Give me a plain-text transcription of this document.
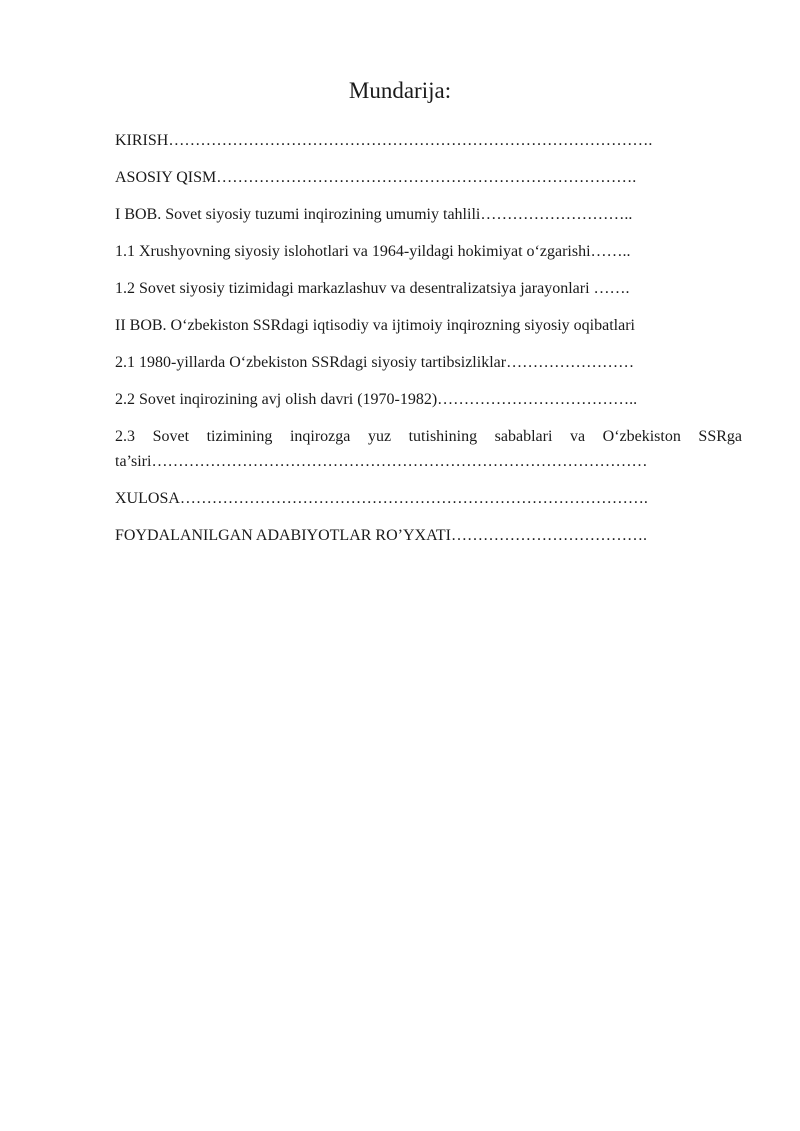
Mundarija:
KIRISH……………………………………………………………………………….
ASOSIY QISM…………………………………………………………………….
I BOB. Sovet siyosiy tuzumi inqirozining umumiy tahlili………………………..
1.1 Xrushyovning siyosiy islohotlari va 1964-yildagi hokimiyat o‘zgarishi……..
1.2 Sovet siyosiy tizimidagi markazlashuv va desentralizatsiya jarayonlari …….
II BOB. O‘zbekiston SSRdagi iqtisodiy va ijtimoiy inqirozning siyosiy oqibatlari
2.1 1980-yillarda O‘zbekiston SSRdagi siyosiy tartibsizliklar……………………
2.2 Sovet inqirozining avj olish davri (1970-1982)………………………………..
2.3 Sovet tizimining inqirozga yuz tutishining sabablari va O‘zbekiston SSRga ta’siri…………………………………………………………………………………
XULOSA…………………………………………………………………………….
FOYDALANILGAN ADABIYOTLAR RO’YXATI……………………………….
